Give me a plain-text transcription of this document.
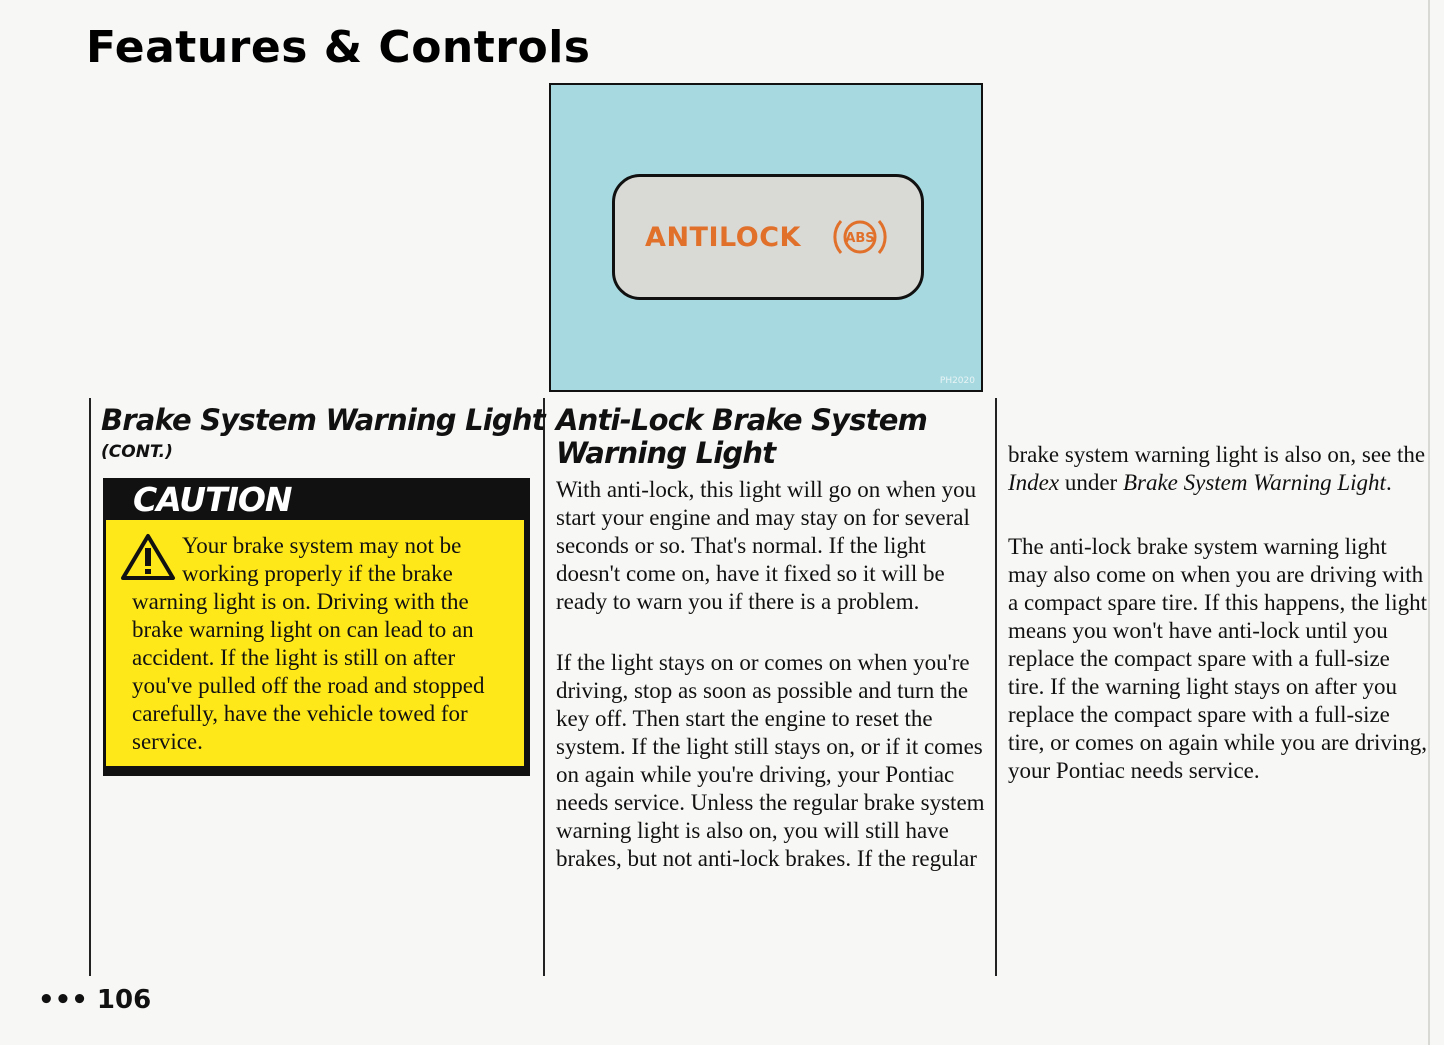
Features & Controls
ANTILOCK	ABS
PH2020
Brake System Warning Light
(CONT.)
CAUTION

Your brake system may not be working properly if the brake warning light is on. Driving with the brake warning light on can lead to an accident. If the light is still on after you've pulled off the road and stopped carefully, have the vehicle towed for service.

Anti-Lock Brake System
Warning Light

With anti-lock, this light will go on when you start your engine and may stay on for several seconds or so. That's normal. If the light doesn't come on, have it fixed so it will be ready to warn you if there is a problem.

If the light stays on or comes on when you're driving, stop as soon as possible and turn the key off. Then start the engine to reset the system. If the light still stays on, or if it comes on again while you're driving, your Pontiac needs service. Unless the regular brake system warning light is also on, you will still have brakes, but not anti-lock brakes. If the regular

brake system warning light is also on, see the Index under Brake System Warning Light.

The anti-lock brake system warning light may also come on when you are driving with a compact spare tire. If this happens, the light means you won't have anti-lock until you replace the compact spare with a full-size tire. If the warning light stays on after you replace the compact spare with a full-size tire, or comes on again while you are driving, your Pontiac needs service.

••• 106
